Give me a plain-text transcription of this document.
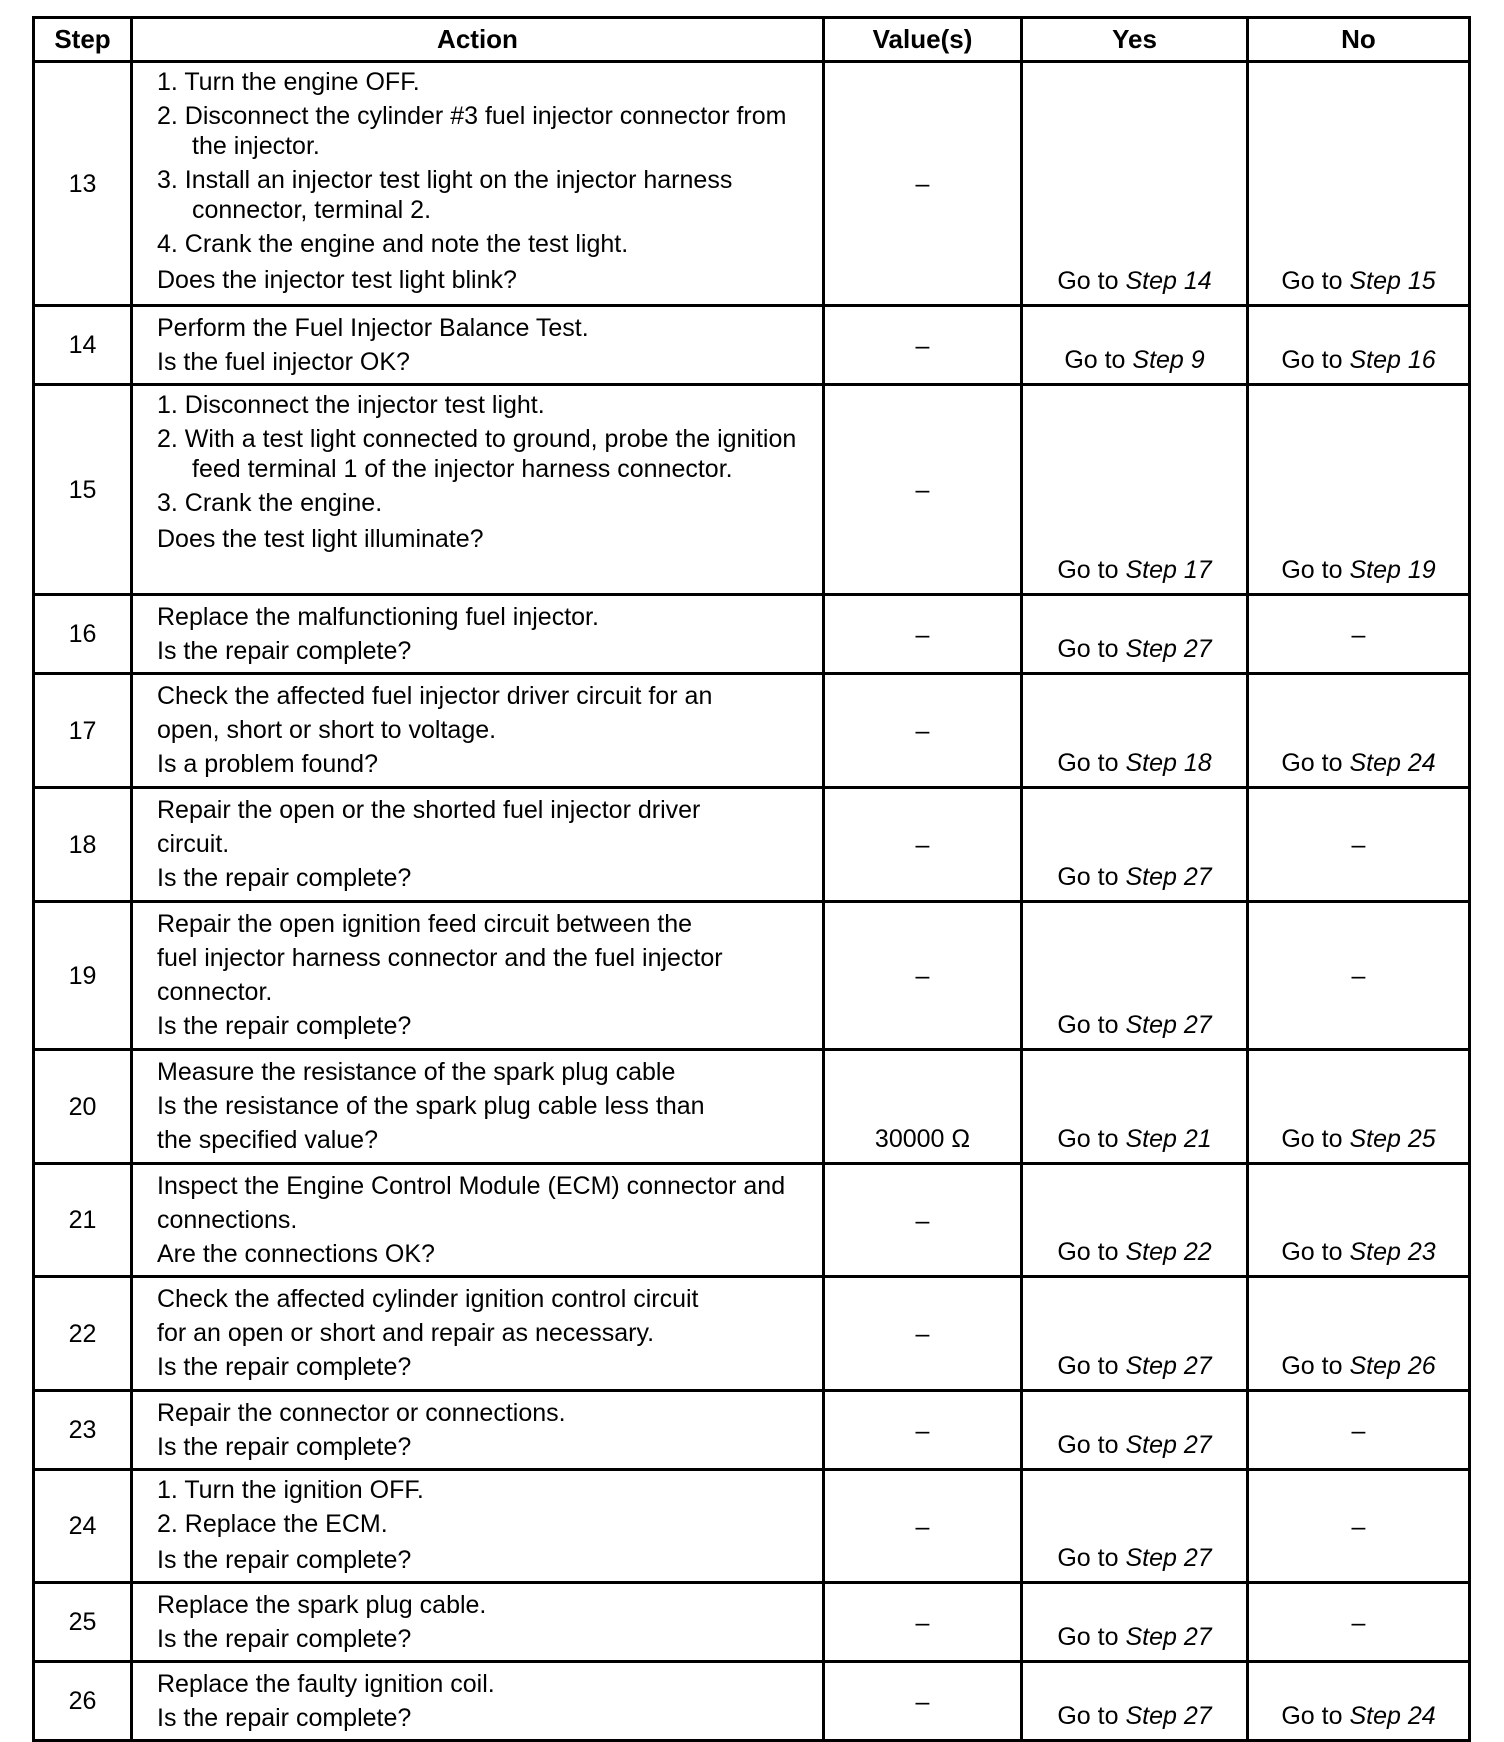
Step	Action	Value(s)	Yes	No
13	1. Turn the engine OFF.
2. Disconnect the cylinder #3 fuel injector connector from the injector.
3. Install an injector test light on the injector harness connector, terminal 2.
4. Crank the engine and note the test light.
Does the injector test light blink?	–	Go to Step 14	Go to Step 15
14	Perform the Fuel Injector Balance Test.
Is the fuel injector OK?	–	Go to Step 9	Go to Step 16
15	1. Disconnect the injector test light.
2. With a test light connected to ground, probe the ignition feed terminal 1 of the injector harness connector.
3. Crank the engine.
Does the test light illuminate?	–	Go to Step 17	Go to Step 19
16	Replace the malfunctioning fuel injector.
Is the repair complete?	–	Go to Step 27	–
17	Check the affected fuel injector driver circuit for an
open, short or short to voltage.
Is a problem found?	–	Go to Step 18	Go to Step 24
18	Repair the open or the shorted fuel injector driver
circuit.
Is the repair complete?	–	Go to Step 27	–
19	Repair the open ignition feed circuit between the
fuel injector harness connector and the fuel injector
connector.
Is the repair complete?	–	Go to Step 27	–
20	Measure the resistance of the spark plug cable
Is the resistance of the spark plug cable less than
the specified value?	30000 Ω	Go to Step 21	Go to Step 25
21	Inspect the Engine Control Module (ECM) connector and connections.
Are the connections OK?	–	Go to Step 22	Go to Step 23
22	Check the affected cylinder ignition control circuit
for an open or short and repair as necessary.
Is the repair complete?	–	Go to Step 27	Go to Step 26
23	Repair the connector or connections.
Is the repair complete?	–	Go to Step 27	–
24	1. Turn the ignition OFF.
2. Replace the ECM.
Is the repair complete?	–	Go to Step 27	–
25	Replace the spark plug cable.
Is the repair complete?	–	Go to Step 27	–
26	Replace the faulty ignition coil.
Is the repair complete?	–	Go to Step 27	Go to Step 24
